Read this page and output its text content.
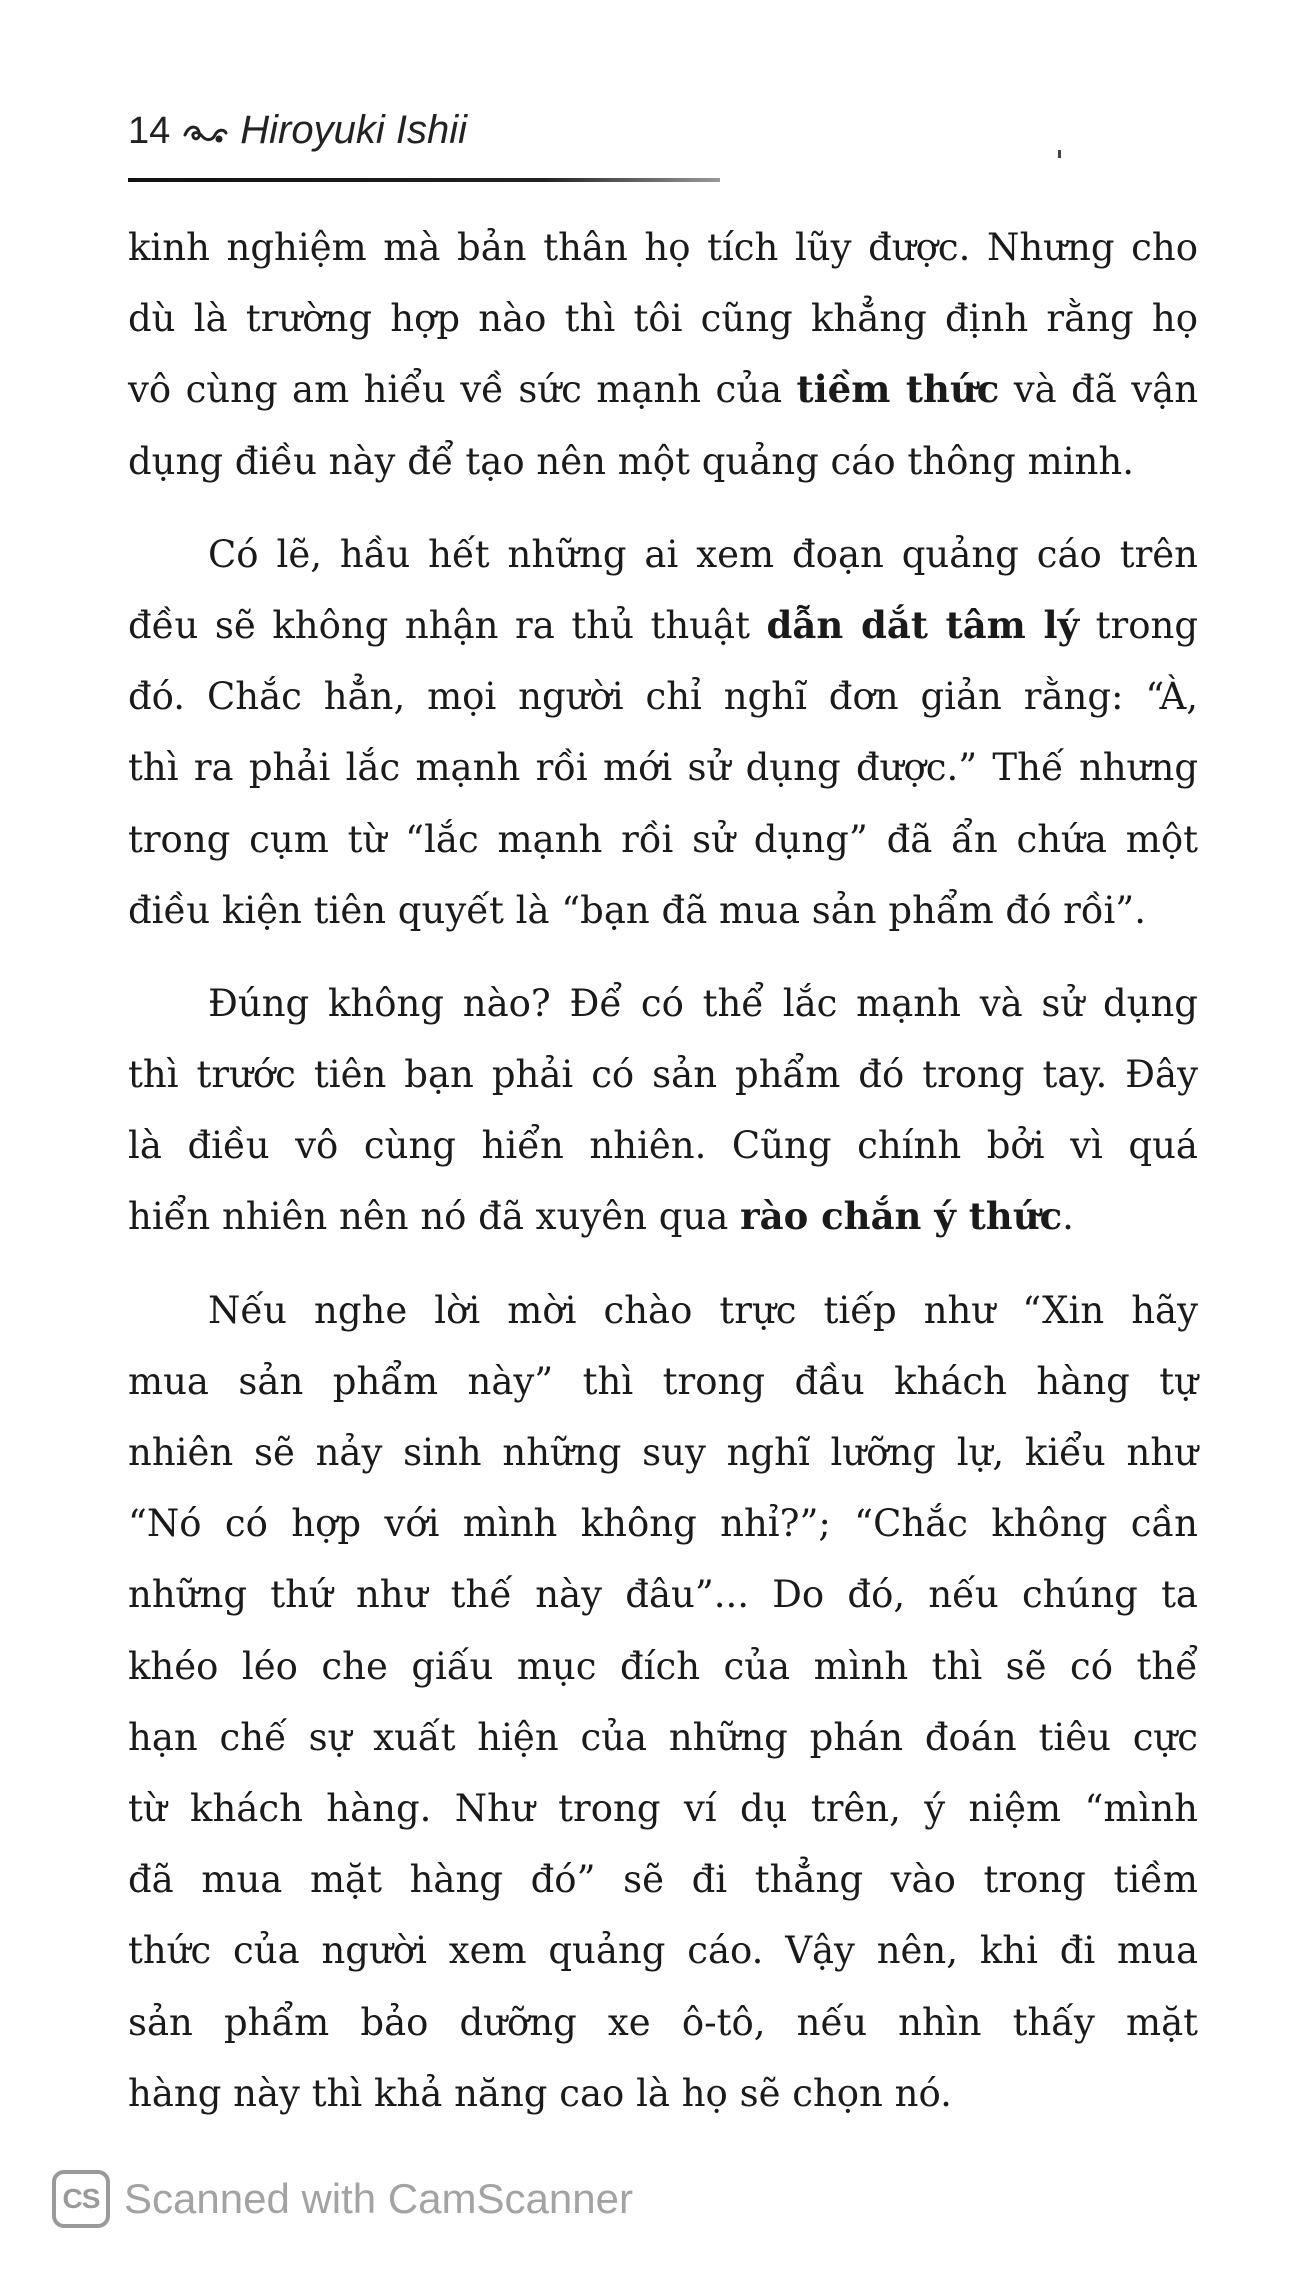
14 Hiroyuki Ishii
kinh nghiệm mà bản thân họ tích lũy được. Nhưng cho
dù là trường hợp nào thì tôi cũng khẳng định rằng họ
vô cùng am hiểu về sức mạnh của tiềm thức và đã vận
dụng điều này để tạo nên một quảng cáo thông minh.
Có lẽ, hầu hết những ai xem đoạn quảng cáo trên
đều sẽ không nhận ra thủ thuật dẫn dắt tâm lý trong
đó. Chắc hẳn, mọi người chỉ nghĩ đơn giản rằng: “À,
thì ra phải lắc mạnh rồi mới sử dụng được.” Thế nhưng
trong cụm từ “lắc mạnh rồi sử dụng” đã ẩn chứa một
điều kiện tiên quyết là “bạn đã mua sản phẩm đó rồi”.
Đúng không nào? Để có thể lắc mạnh và sử dụng
thì trước tiên bạn phải có sản phẩm đó trong tay. Đây
là điều vô cùng hiển nhiên. Cũng chính bởi vì quá
hiển nhiên nên nó đã xuyên qua rào chắn ý thức.
Nếu nghe lời mời chào trực tiếp như “Xin hãy
mua sản phẩm này” thì trong đầu khách hàng tự
nhiên sẽ nảy sinh những suy nghĩ lưỡng lự, kiểu như
“Nó có hợp với mình không nhỉ?”; “Chắc không cần
những thứ như thế này đâu”... Do đó, nếu chúng ta
khéo léo che giấu mục đích của mình thì sẽ có thể
hạn chế sự xuất hiện của những phán đoán tiêu cực
từ khách hàng. Như trong ví dụ trên, ý niệm “mình
đã mua mặt hàng đó” sẽ đi thẳng vào trong tiềm
thức của người xem quảng cáo. Vậy nên, khi đi mua
sản phẩm bảo dưỡng xe ô-tô, nếu nhìn thấy mặt
hàng này thì khả năng cao là họ sẽ chọn nó.
CS Scanned with CamScanner
